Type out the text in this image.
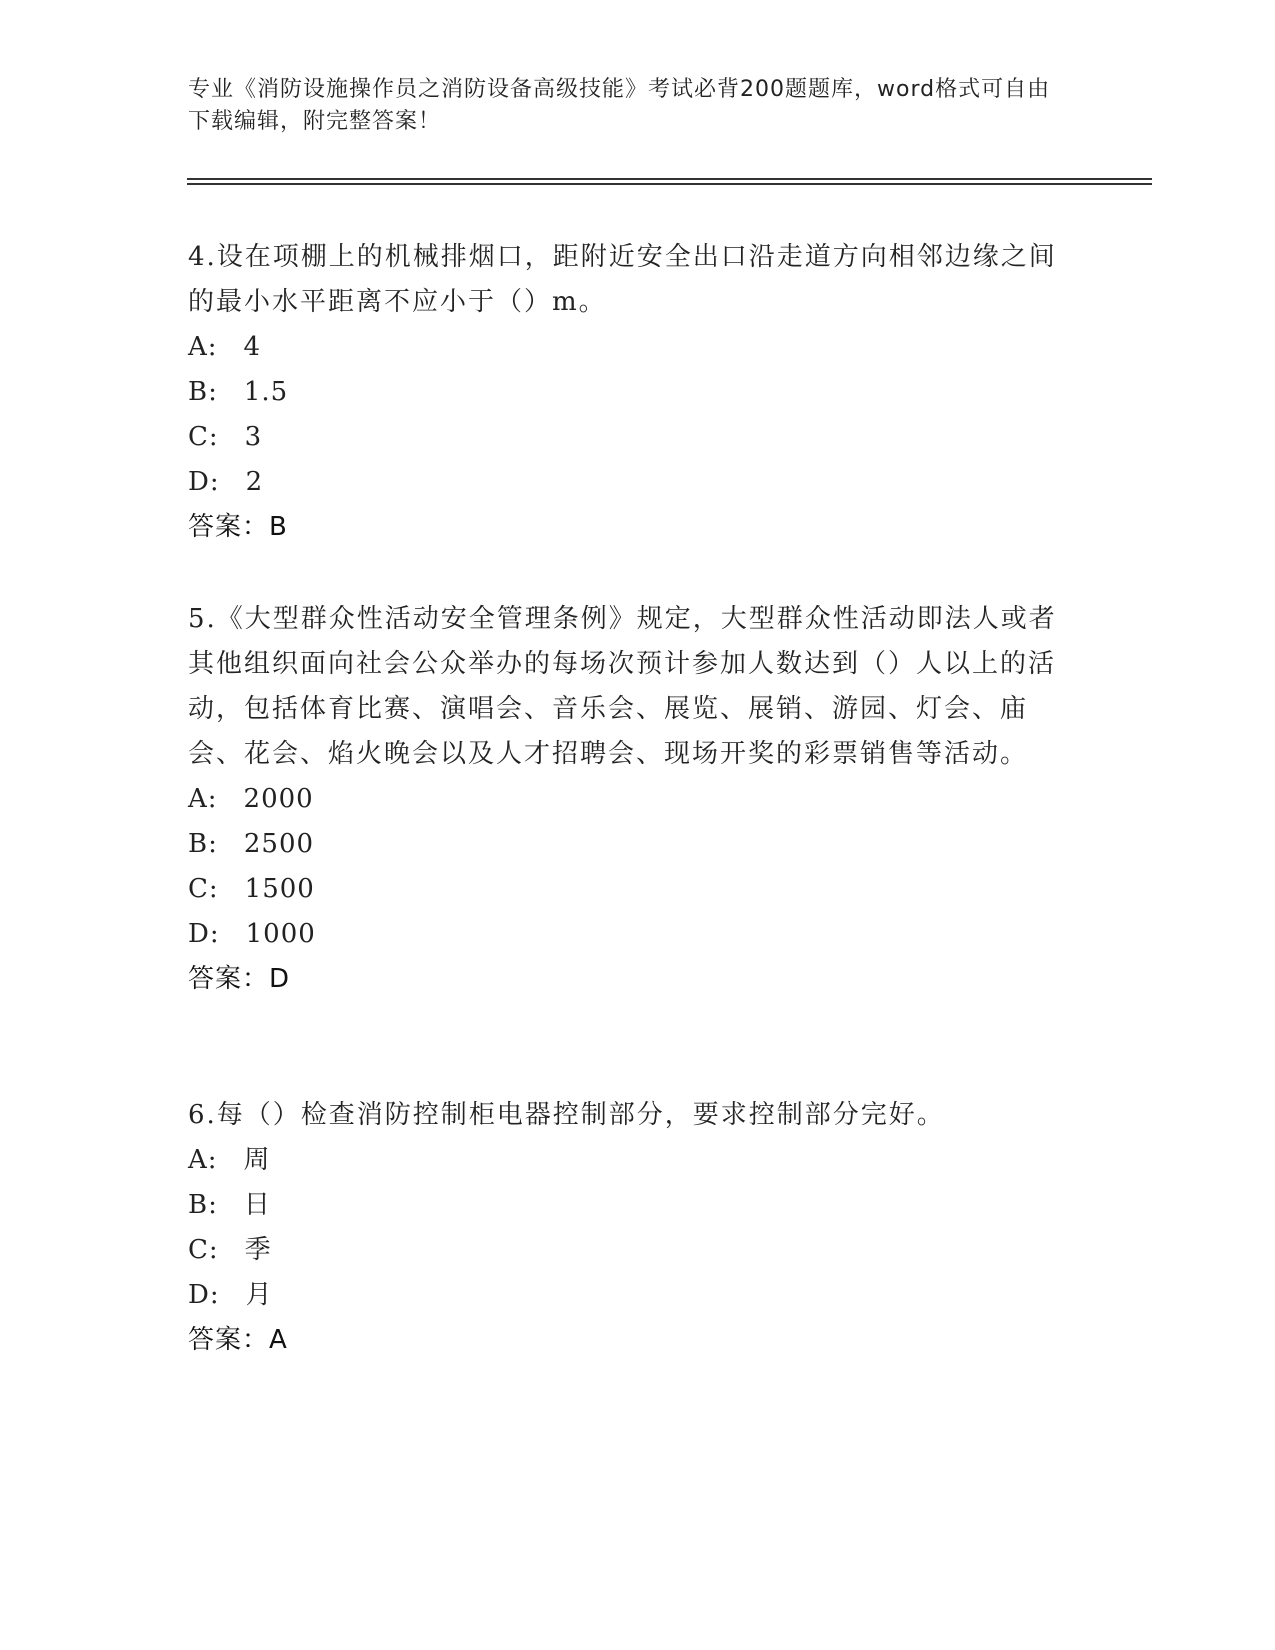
专业《消防设施操作员之消防设备高级技能》考试必背200题题库，word格式可自由下载编辑，附完整答案！

4.设在项棚上的机械排烟口，距附近安全出口沿走道方向相邻边缘之间的最小水平距离不应小于（）m。

A: 4
B: 1.5
C: 3
D: 2
答案：B

5.《大型群众性活动安全管理条例》规定，大型群众性活动即法人或者其他组织面向社会公众举办的每场次预计参加人数达到（）人以上的活动，包括体育比赛、演唱会、音乐会、展览、展销、游园、灯会、庙会、花会、焰火晚会以及人才招聘会、现场开奖的彩票销售等活动。

A: 2000
B: 2500
C: 1500
D: 1000
答案：D

6.每（）检查消防控制柜电器控制部分，要求控制部分完好。

A: 周
B: 日
C: 季
D: 月
答案：A
